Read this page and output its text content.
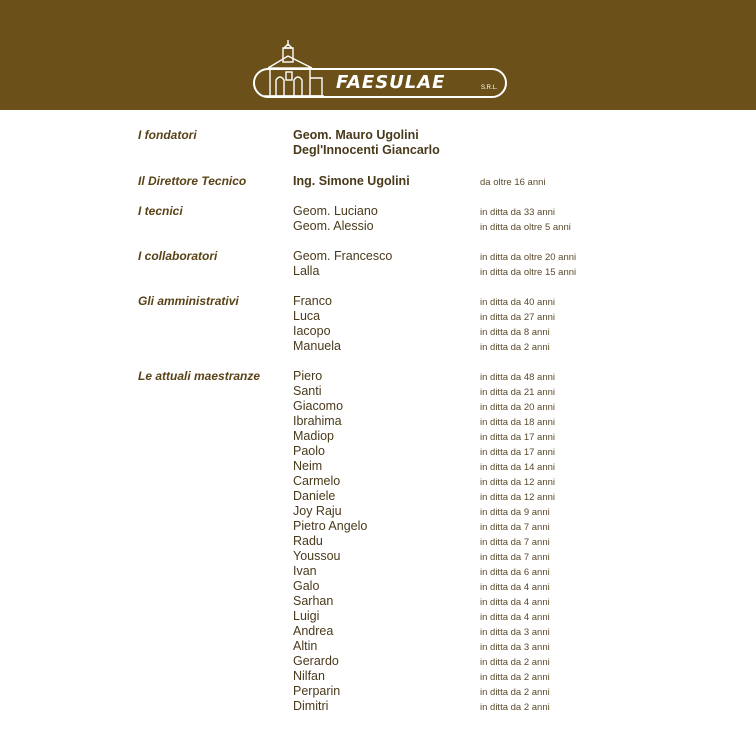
FAESULAE	S.R.L.
I fondatori	Geom. Mauro Ugolini
Degl'Innocenti Giancarlo
Il Direttore Tecnico	Ing. Simone Ugolini	da oltre 16 anni
I tecnici	Geom. Luciano	in ditta da 33 anni
Geom. Alessio	in ditta da oltre 5 anni
I collaboratori	Geom. Francesco	in ditta da oltre 20 anni
Lalla	in ditta da oltre 15 anni
Gli amministrativi	Franco	in ditta da 40 anni
Luca	in ditta da 27 anni
Iacopo	in ditta da 8 anni
Manuela	in ditta da 2 anni
Le attuali maestranze	Piero	in ditta da 48 anni
Santi	in ditta da 21 anni
Giacomo	in ditta da 20 anni
Ibrahima	in ditta da 18 anni
Madiop	in ditta da 17 anni
Paolo	in ditta da 17 anni
Neim	in ditta da 14 anni
Carmelo	in ditta da 12 anni
Daniele	in ditta da 12 anni
Joy Raju	in ditta da 9 anni
Pietro Angelo	in ditta da 7 anni
Radu	in ditta da 7 anni
Youssou	in ditta da 7 anni
Ivan	in ditta da 6 anni
Galo	in ditta da 4 anni
Sarhan	in ditta da 4 anni
Luigi	in ditta da 4 anni
Andrea	in ditta da 3 anni
Altin	in ditta da 3 anni
Gerardo	in ditta da 2 anni
Nilfan	in ditta da 2 anni
Perparin	in ditta da 2 anni
Dimitri	in ditta da 2 anni
